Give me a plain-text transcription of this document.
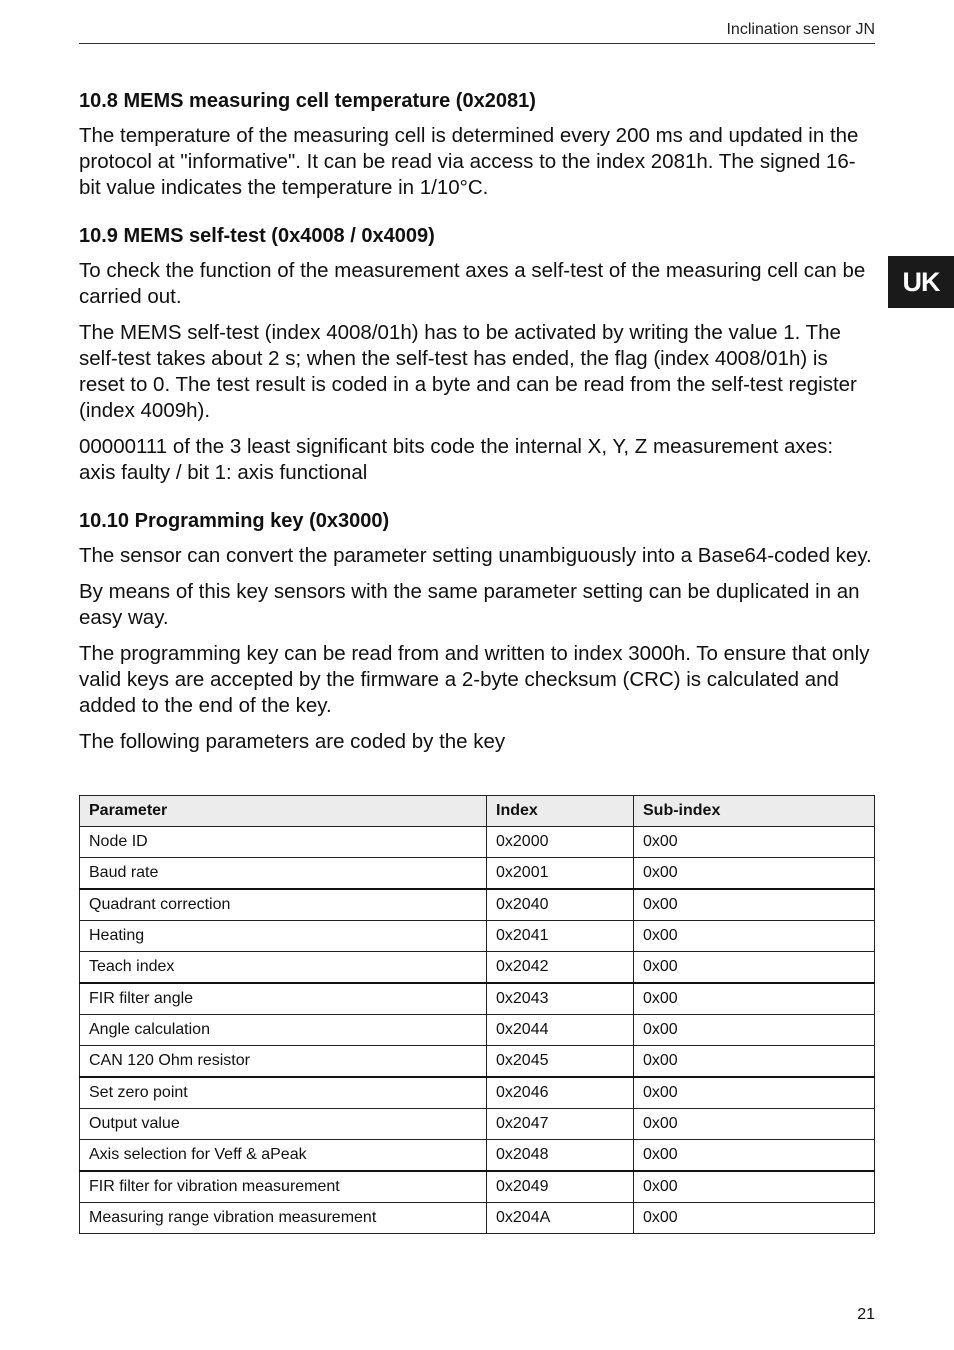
Inclination sensor JN
UK
10.8 MEMS measuring cell temperature (0x2081)

The temperature of the measuring cell is determined every 200 ms and updated in the protocol at "informative". It can be read via access to the index 2081h. The signed 16-bit value indicates the temperature in 1/10°C.

10.9 MEMS self-test (0x4008 / 0x4009)

To check the function of the measurement axes a self-test of the measuring cell can be carried out.

The MEMS self-test (index 4008/01h) has to be activated by writing the value 1. The self-test takes about 2 s; when the self-test has ended, the flag (index 4008/01h) is reset to 0. The test result is coded in a byte and can be read from the self-test register (index 4009h).

00000111 of the 3 least significant bits code the internal X, Y, Z measurement axes: axis faulty / bit 1: axis functional

10.10 Programming key (0x3000)

The sensor can convert the parameter setting unambiguously into a Base64-coded key.

By means of this key sensors with the same parameter setting can be duplicated in an easy way.

The programming key can be read from and written to index 3000h. To ensure that only valid keys are accepted by the firmware a 2-byte checksum (CRC) is calculated and added to the end of the key.

The following parameters are coded by the key

Parameter	Index	Sub-index
Node ID	0x2000	0x00
Baud rate	0x2001	0x00
Quadrant correction	0x2040	0x00
Heating	0x2041	0x00
Teach index	0x2042	0x00
FIR filter angle	0x2043	0x00
Angle calculation	0x2044	0x00
CAN 120 Ohm resistor	0x2045	0x00
Set zero point	0x2046	0x00
Output value	0x2047	0x00
Axis selection for Veff & aPeak	0x2048	0x00
FIR filter for vibration measurement	0x2049	0x00
Measuring range vibration measurement	0x204A	0x00
21
